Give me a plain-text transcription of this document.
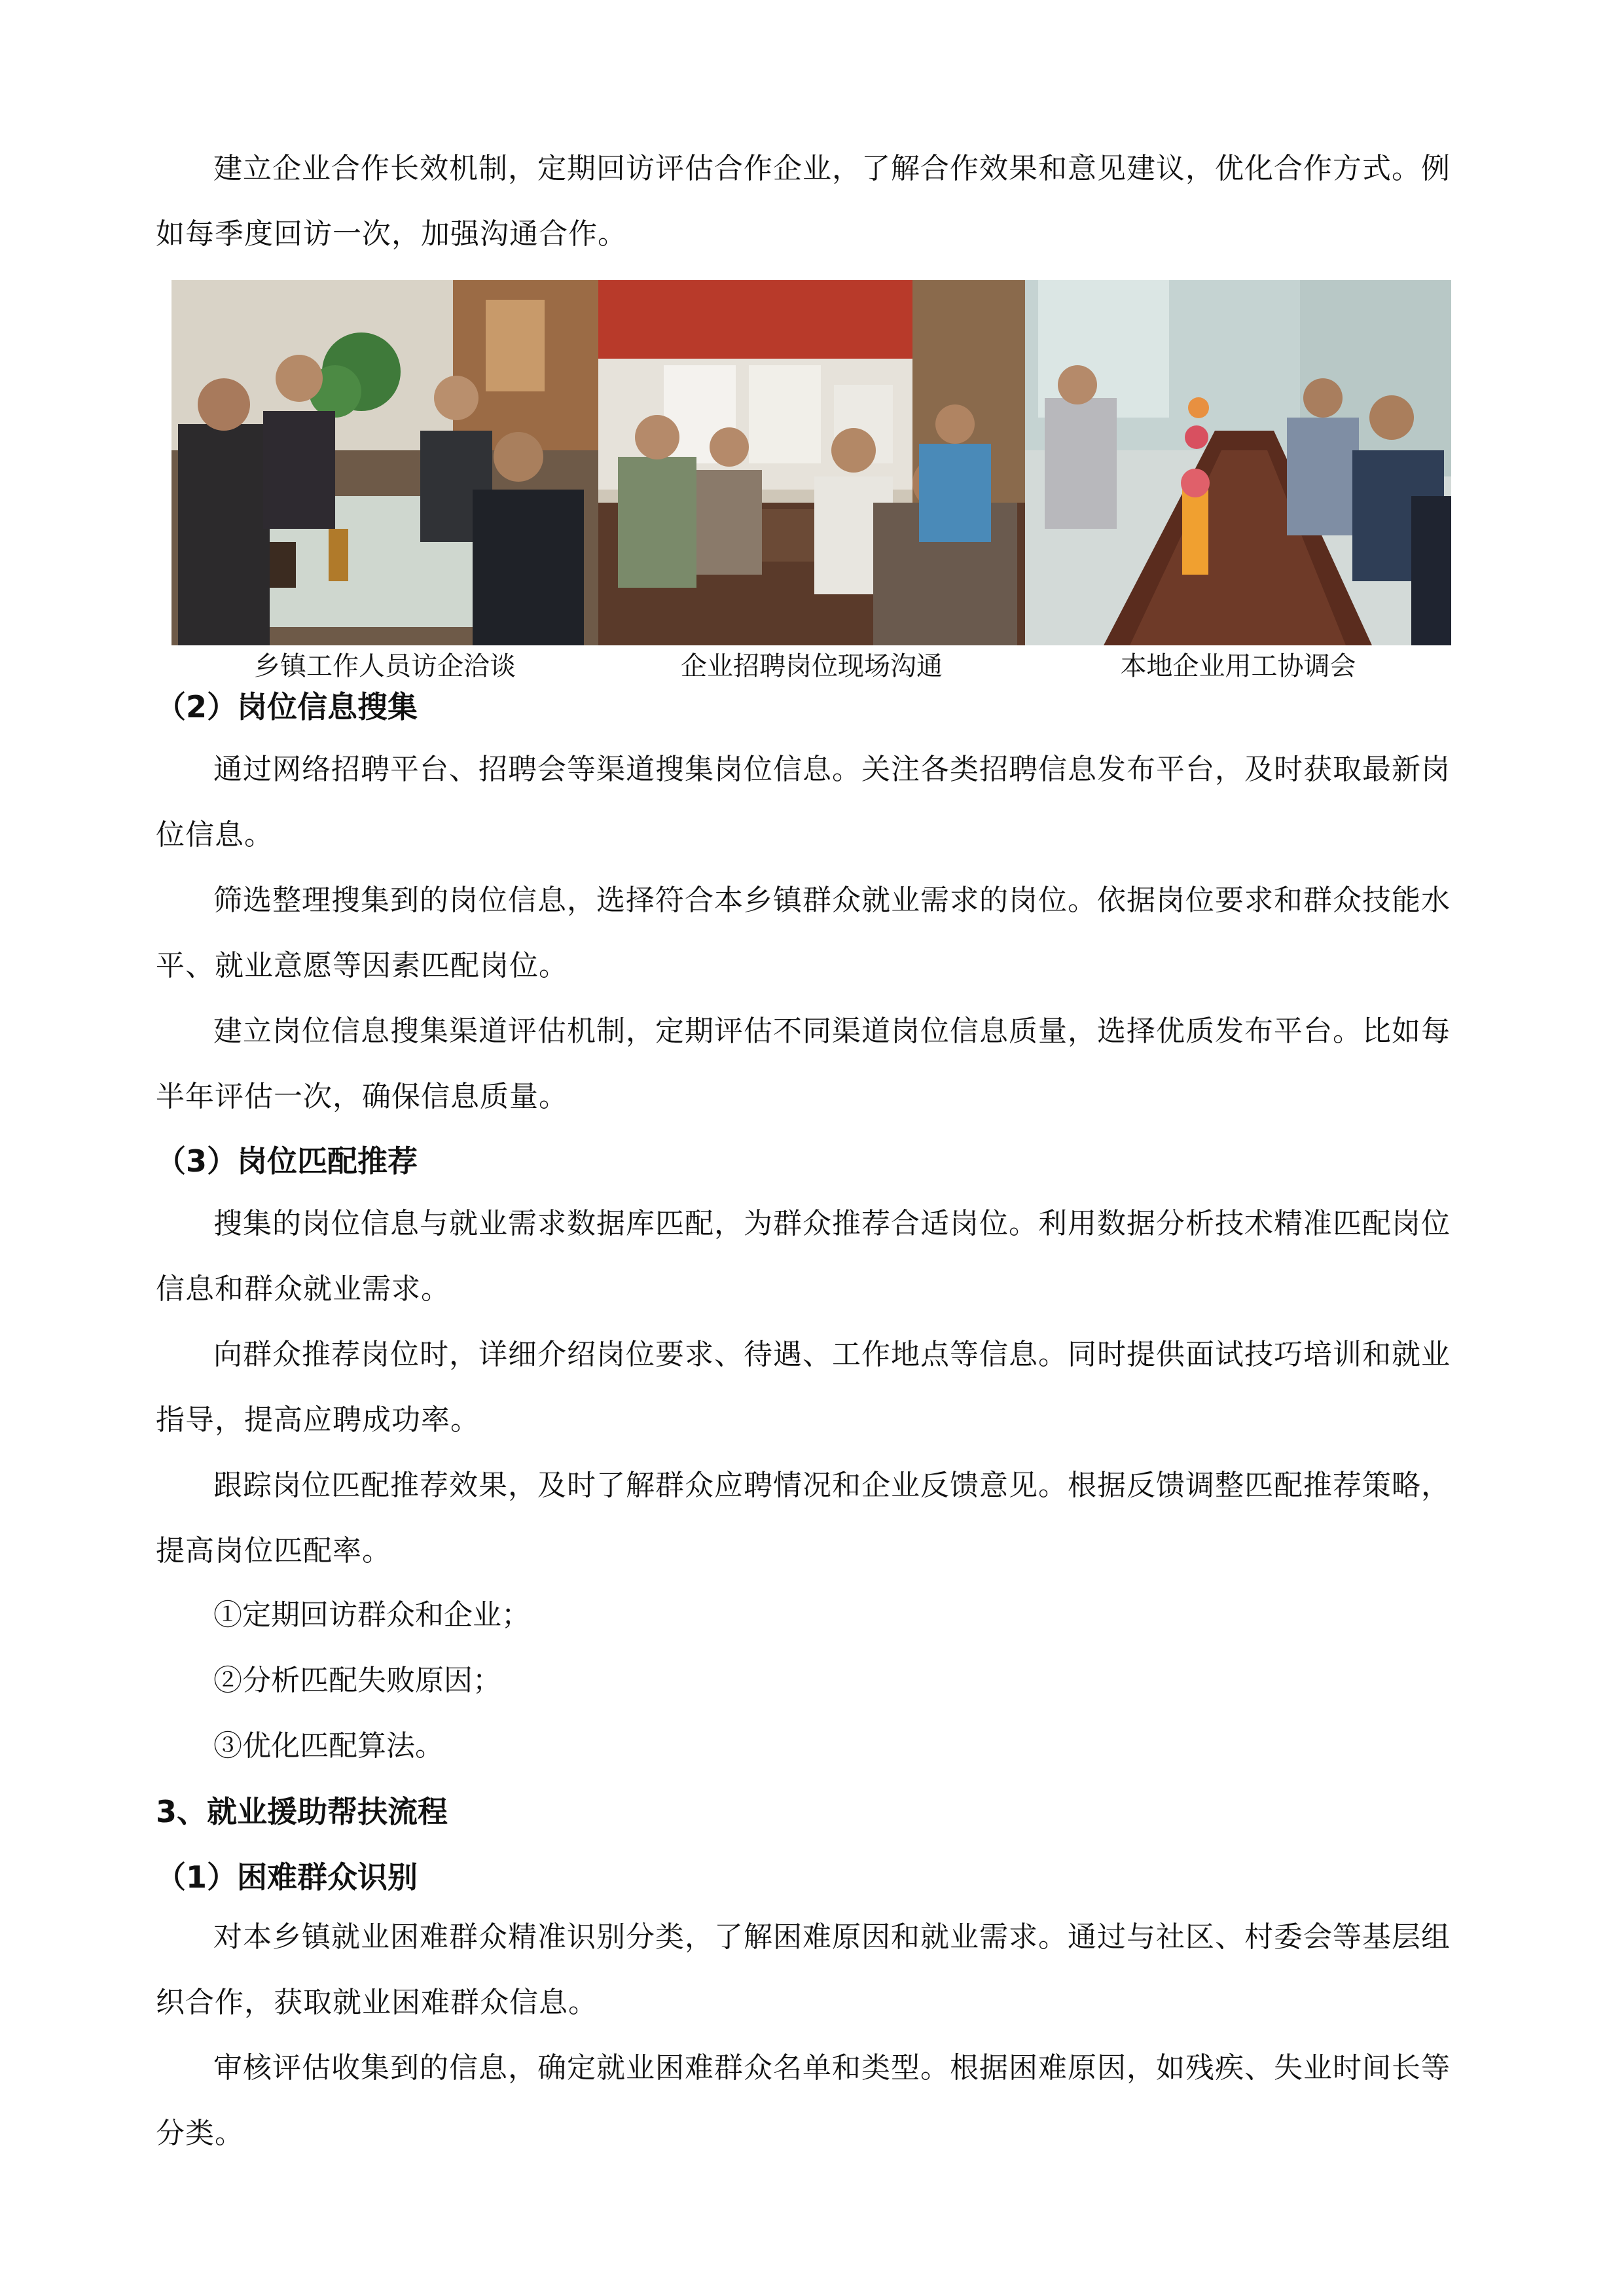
建立企业合作长效机制，定期回访评估合作企业，了解合作效果和意见建议，优化合作方式。例如每季度回访一次，加强沟通合作。

乡镇工作人员访企洽谈	企业招聘岗位现场沟通	本地企业用工协调会

（2）岗位信息搜集

通过网络招聘平台、招聘会等渠道搜集岗位信息。关注各类招聘信息发布平台，及时获取最新岗位信息。

筛选整理搜集到的岗位信息，选择符合本乡镇群众就业需求的岗位。依据岗位要求和群众技能水平、就业意愿等因素匹配岗位。

建立岗位信息搜集渠道评估机制，定期评估不同渠道岗位信息质量，选择优质发布平台。比如每半年评估一次，确保信息质量。

（3）岗位匹配推荐

搜集的岗位信息与就业需求数据库匹配，为群众推荐合适岗位。利用数据分析技术精准匹配岗位信息和群众就业需求。

向群众推荐岗位时，详细介绍岗位要求、待遇、工作地点等信息。同时提供面试技巧培训和就业指导，提高应聘成功率。

跟踪岗位匹配推荐效果，及时了解群众应聘情况和企业反馈意见。根据反馈调整匹配推荐策略，提高岗位匹配率。

①定期回访群众和企业；

②分析匹配失败原因；

③优化匹配算法。

3、就业援助帮扶流程
（1）困难群众识别

对本乡镇就业困难群众精准识别分类，了解困难原因和就业需求。通过与社区、村委会等基层组织合作，获取就业困难群众信息。

审核评估收集到的信息，确定就业困难群众名单和类型。根据困难原因，如残疾、失业时间长等分类。
